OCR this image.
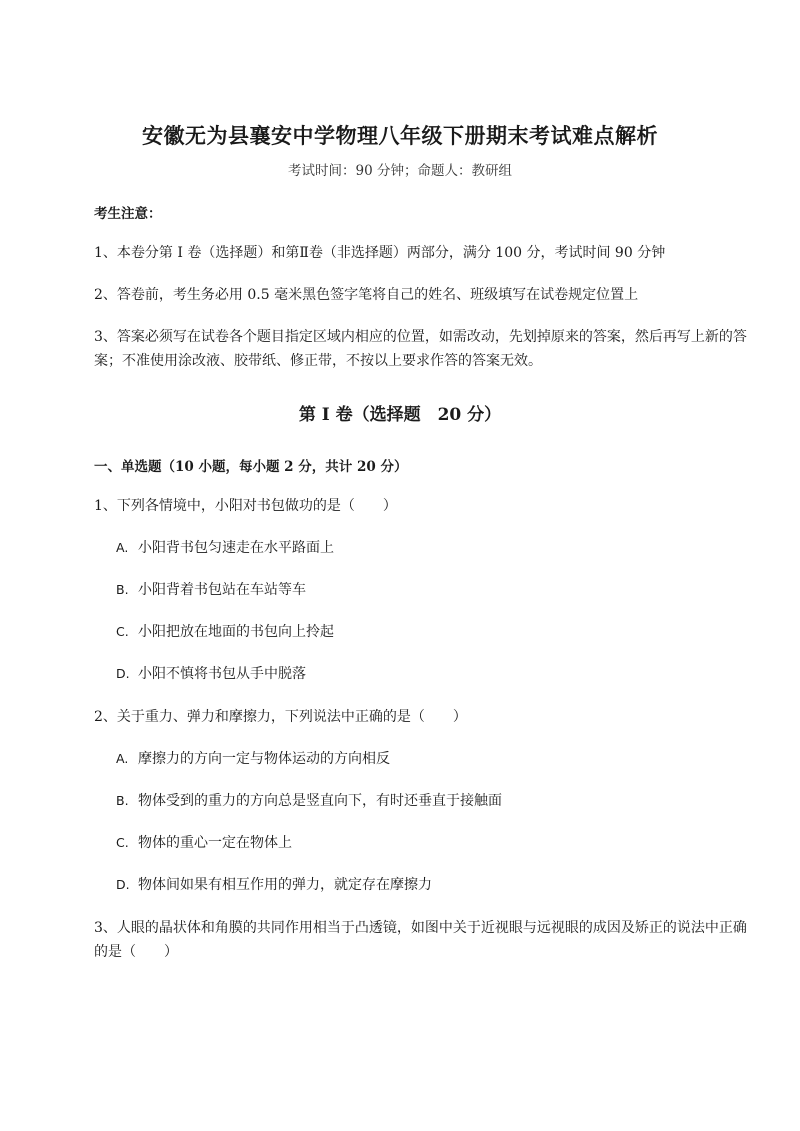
安徽无为县襄安中学物理八年级下册期末考试难点解析
考试时间：90 分钟；命题人：教研组
考生注意：
1、本卷分第 I 卷（选择题）和第Ⅱ卷（非选择题）两部分，满分 100 分，考试时间 90 分钟
2、答卷前，考生务必用 0.5 毫米黑色签字笔将自己的姓名、班级填写在试卷规定位置上
3、答案必须写在试卷各个题目指定区域内相应的位置，如需改动，先划掉原来的答案，然后再写上新的答案；不准使用涂改液、胶带纸、修正带，不按以上要求作答的答案无效。
第 I 卷（选择题　20 分）
一、单选题（10 小题，每小题 2 分，共计 20 分）
1、下列各情境中，小阳对书包做功的是（　　）
A. 小阳背书包匀速走在水平路面上
B. 小阳背着书包站在车站等车
C. 小阳把放在地面的书包向上拎起
D. 小阳不慎将书包从手中脱落
2、关于重力、弹力和摩擦力，下列说法中正确的是（　　）
A. 摩擦力的方向一定与物体运动的方向相反
B. 物体受到的重力的方向总是竖直向下，有时还垂直于接触面
C. 物体的重心一定在物体上
D. 物体间如果有相互作用的弹力，就定存在摩擦力
3、人眼的晶状体和角膜的共同作用相当于凸透镜，如图中关于近视眼与远视眼的成因及矫正的说法中正确的是（　　）
